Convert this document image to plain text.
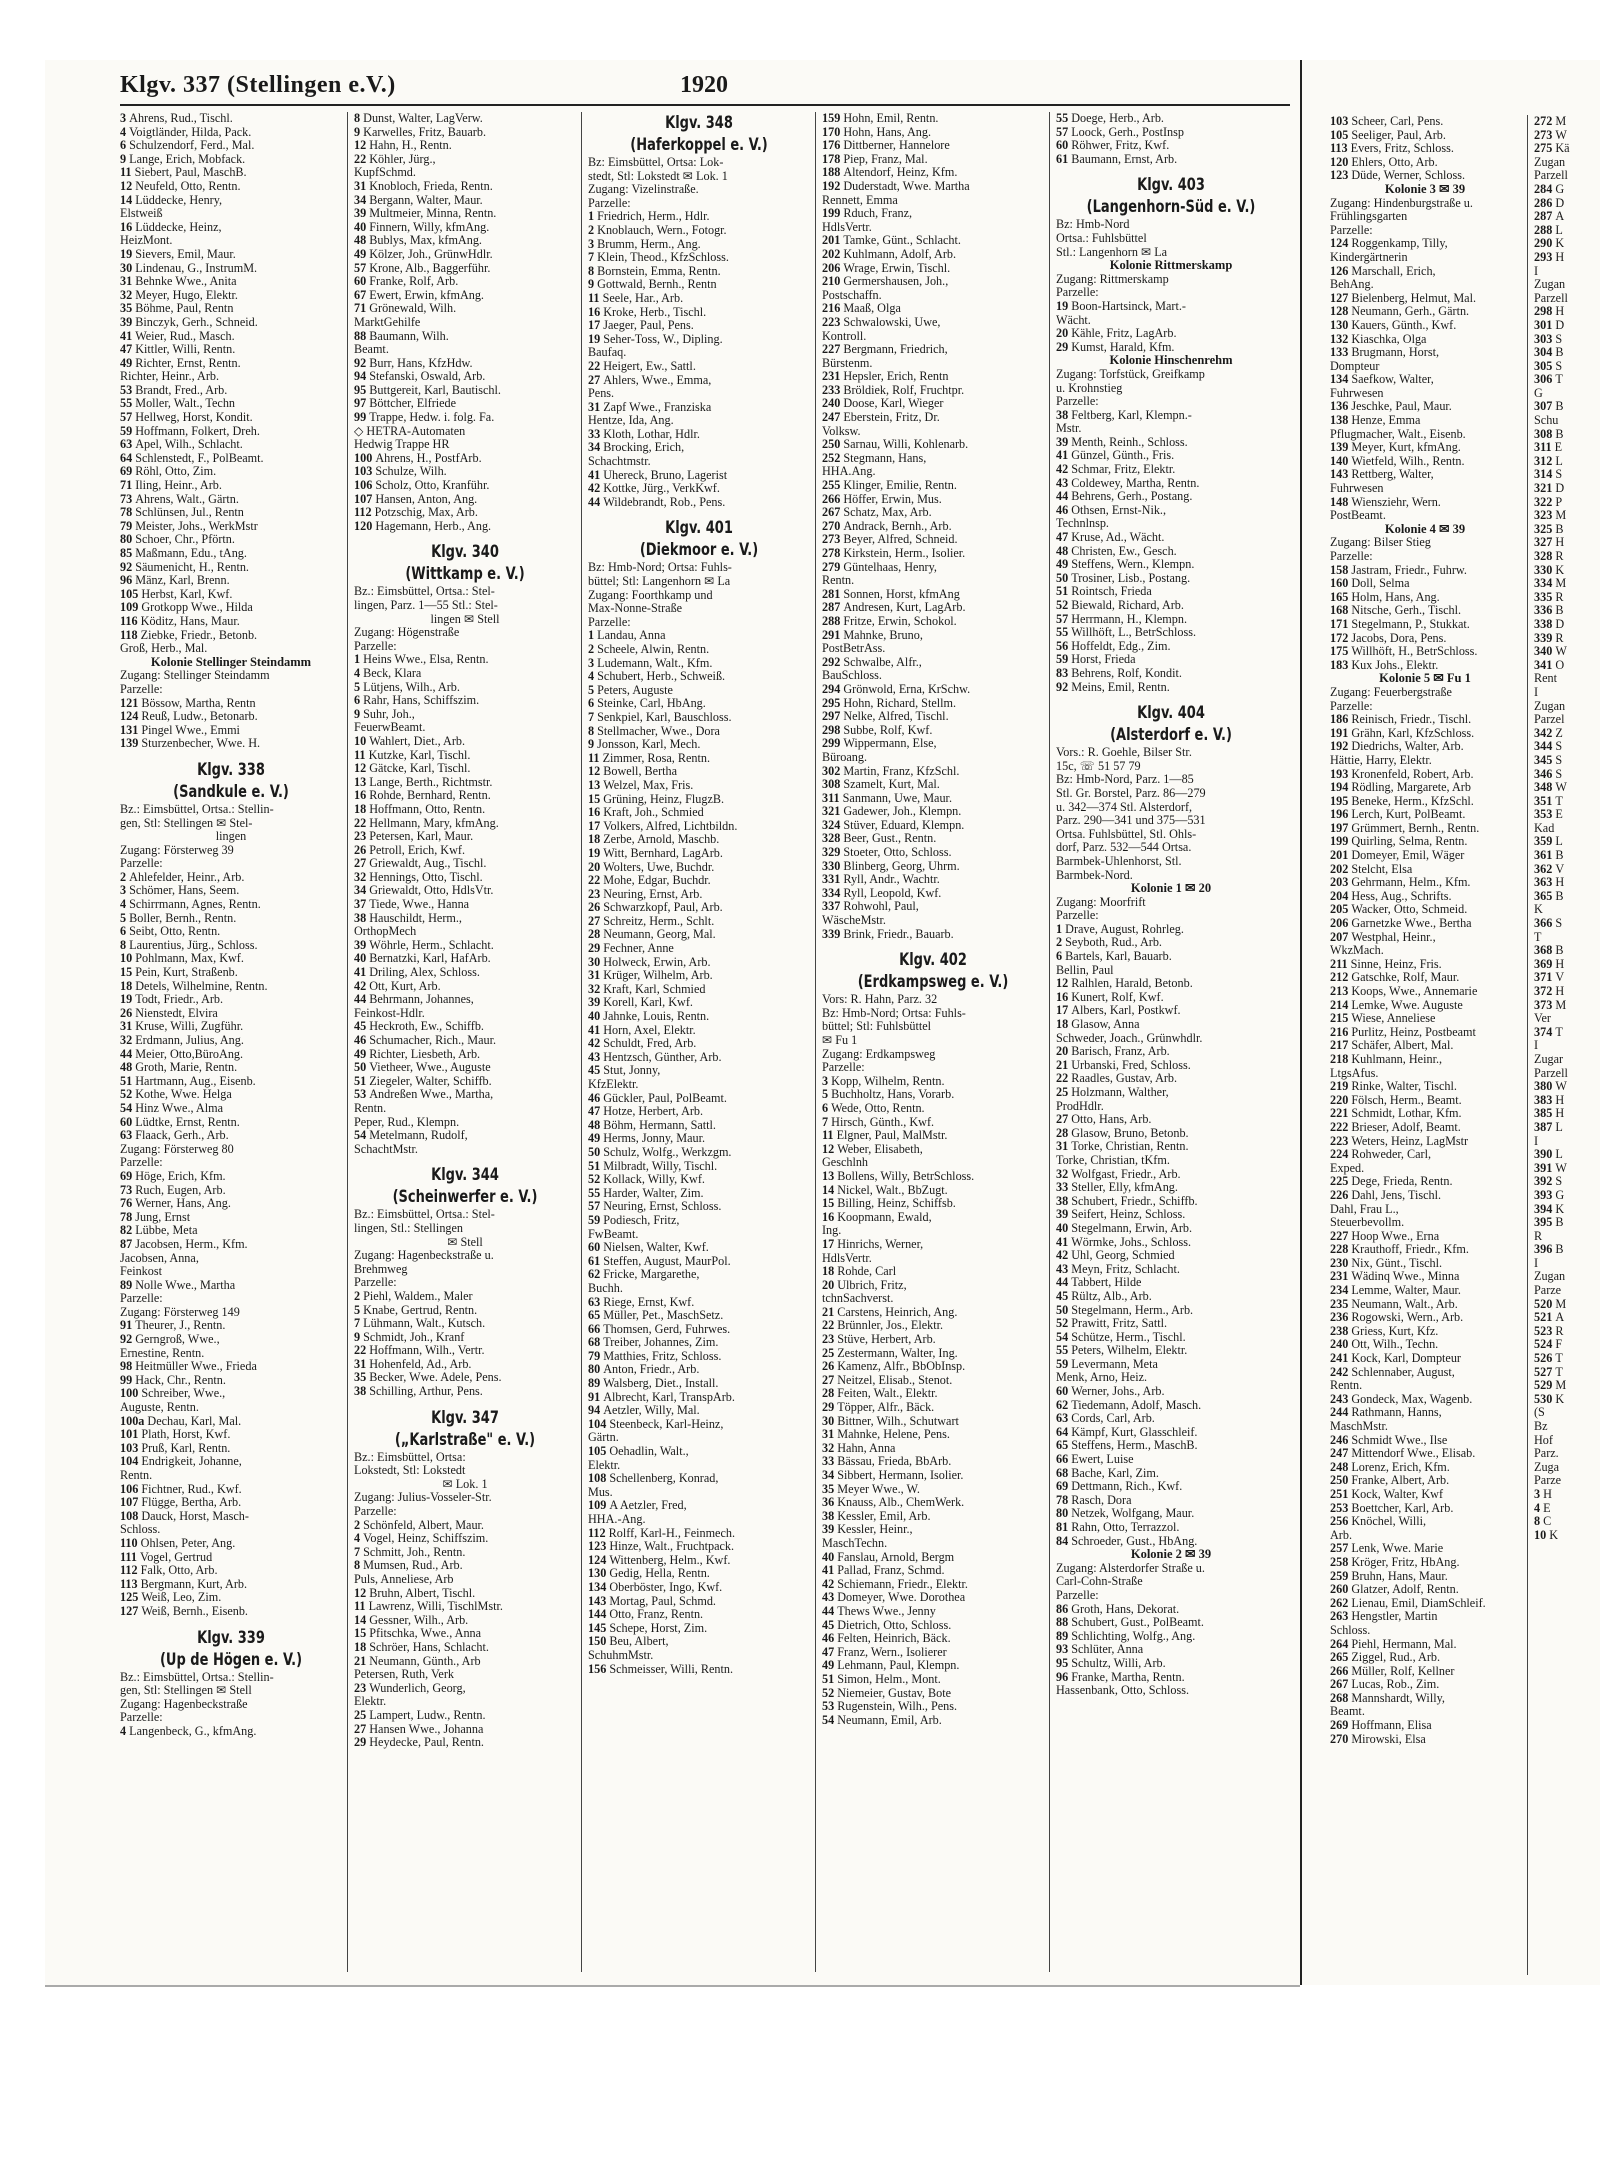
Klgv. 337 (Stellingen e.V.)	1920
3 Ahrens, Rud., Tischl.
4 Voigtländer, Hilda, Pack.
6 Schulzendorf, Ferd., Mal.
9 Lange, Erich, Mobfack.
11 Siebert, Paul, MaschB.
12 Neufeld, Otto, Rentn.
14 Lüddecke, Henry,
Elstweiß
16 Lüddecke, Heinz,
HeizMont.
19 Sievers, Emil, Maur.
30 Lindenau, G., InstrumM.
31 Behnke Wwe., Anita
32 Meyer, Hugo, Elektr.
35 Böhme, Paul, Rentn
39 Binczyk, Gerh., Schneid.
41 Weier, Rud., Masch.
47 Kittler, Willi, Rentn.
49 Richter, Ernst, Rentn.
Richter, Heinr., Arb.
53 Brandt, Fred., Arb.
55 Moller, Walt., Techn
57 Hellweg, Horst, Kondit.
59 Hoffmann, Folkert, Dreh.
63 Apel, Wilh., Schlacht.
64 Schlenstedt, F., PolBeamt.
69 Röhl, Otto, Zim.
71 Iling, Heinr., Arb.
73 Ahrens, Walt., Gärtn.
78 Schlünsen, Jul., Rentn
79 Meister, Johs., WerkMstr
80 Schoer, Chr., Pförtn.
85 Maßmann, Edu., tAng.
92 Säumenicht, H., Rentn.
96 Mänz, Karl, Brenn.
105 Herbst, Karl, Kwf.
109 Grotkopp Wwe., Hilda
116 Köditz, Hans, Maur.
118 Ziebke, Friedr., Betonb.
Groß, Herb., Mal.
Kolonie Stellinger Steindamm
Zugang: Stellinger Steindamm
Parzelle:
121 Bössow, Martha, Rentn
124 Reuß, Ludw., Betonarb.
131 Pingel Wwe., Emmi
139 Sturzenbecher, Wwe. H.
Klgv. 338
(Sandkule e. V.)
Bz.: Eimsbüttel, Ortsa.: Stellin-
gen, Stl: Stellingen ✉ Stel-
lingen
Zugang: Försterweg 39
Parzelle:
2 Ahlefelder, Heinr., Arb.
3 Schömer, Hans, Seem.
4 Schirrmann, Agnes, Rentn.
5 Boller, Bernh., Rentn.
6 Seibt, Otto, Rentn.
8 Laurentius, Jürg., Schloss.
10 Pohlmann, Max, Kwf.
15 Pein, Kurt, Straßenb.
18 Detels, Wilhelmine, Rentn.
19 Todt, Friedr., Arb.
26 Nienstedt, Elvira
31 Kruse, Willi, Zugführ.
32 Erdmann, Julius, Ang.
44 Meier, Otto,BüroAng.
48 Groth, Marie, Rentn.
51 Hartmann, Aug., Eisenb.
52 Kothe, Wwe. Helga
54 Hinz Wwe., Alma
60 Lüdtke, Ernst, Rentn.
63 Flaack, Gerh., Arb.
Zugang: Försterweg 80
Parzelle:
69 Höge, Erich, Kfm.
73 Ruch, Eugen, Arb.
76 Werner, Hans, Ang.
78 Jung, Ernst
82 Lübbe, Meta
87 Jacobsen, Herm., Kfm.
Jacobsen, Anna,
Feinkost
89 Nolle Wwe., Martha
Parzelle:
Zugang: Försterweg 149
91 Theurer, J., Rentn.
92 Gerngroß, Wwe.,
Ernestine, Rentn.
98 Heitmüller Wwe., Frieda
99 Hack, Chr., Rentn.
100 Schreiber, Wwe.,
Auguste, Rentn.
100a Dechau, Karl, Mal.
101 Plath, Horst, Kwf.
103 Pruß, Karl, Rentn.
104 Endrigkeit, Johanne,
Rentn.
106 Fichtner, Rud., Kwf.
107 Flügge, Bertha, Arb.
108 Dauck, Horst, Masch-
Schloss.
110 Ohlsen, Peter, Ang.
111 Vogel, Gertrud
112 Falk, Otto, Arb.
113 Bergmann, Kurt, Arb.
125 Weiß, Leo, Zim.
127 Weiß, Bernh., Eisenb.
Klgv. 339
(Up de Högen e. V.)
Bz.: Eimsbüttel, Ortsa.: Stellin-
gen, Stl: Stellingen ✉ Stell
Zugang: Hagenbeckstraße
Parzelle:
4 Langenbeck, G., kfmAng.
8 Dunst, Walter, LagVerw.
9 Karwelles, Fritz, Bauarb.
12 Hahn, H., Rentn.
22 Köhler, Jürg.,
KupfSchmd.
31 Knobloch, Frieda, Rentn.
34 Bergann, Walter, Maur.
39 Multmeier, Minna, Rentn.
40 Finnern, Willy, kfmAng.
48 Bublys, Max, kfmAng.
49 Kölzer, Joh., GrünwHdlr.
57 Krone, Alb., Baggerführ.
60 Franke, Rolf, Arb.
67 Ewert, Erwin, kfmAng.
71 Grönewald, Wilh.
MarktGehilfe
88 Baumann, Wilh.
Beamt.
92 Burr, Hans, KfzHdw.
94 Stefanski, Oswald, Arb.
95 Buttgereit, Karl, Bautischl.
97 Böttcher, Elfriede
99 Trappe, Hedw. i. folg. Fa.
◇ HETRA-Automaten
Hedwig Trappe HR
100 Ahrens, H., PostfArb.
103 Schulze, Wilh.
106 Scholz, Otto, Kranführ.
107 Hansen, Anton, Ang.
112 Potzschig, Max, Arb.
120 Hagemann, Herb., Ang.
Klgv. 340
(Wittkamp e. V.)
Bz.: Eimsbüttel, Ortsa.: Stel-
lingen, Parz. 1—55 Stl.: Stel-
lingen ✉ Stell
Zugang: Högenstraße
Parzelle:
1 Heins Wwe., Elsa, Rentn.
4 Beck, Klara
5 Lütjens, Wilh., Arb.
6 Rahr, Hans, Schiffszim.
9 Suhr, Joh.,
FeuerwBeamt.
10 Wahlert, Diet., Arb.
11 Kutzke, Karl, Tischl.
12 Gätcke, Karl, Tischl.
13 Lange, Berth., Richtmstr.
16 Rohde, Bernhard, Rentn.
18 Hoffmann, Otto, Rentn.
22 Hellmann, Mary, kfmAng.
23 Petersen, Karl, Maur.
26 Petroll, Erich, Kwf.
27 Griewaldt, Aug., Tischl.
32 Hennings, Otto, Tischl.
34 Griewaldt, Otto, HdlsVtr.
37 Tiede, Wwe., Hanna
38 Hauschildt, Herm.,
OrthopMech
39 Wöhrle, Herm., Schlacht.
40 Bernatzki, Karl, HafArb.
41 Driling, Alex, Schloss.
42 Ott, Kurt, Arb.
44 Behrmann, Johannes,
Feinkost-Hdlr.
45 Heckroth, Ew., Schiffb.
46 Schumacher, Rich., Maur.
49 Richter, Liesbeth, Arb.
50 Vietheer, Wwe., Auguste
51 Ziegeler, Walter, Schiffb.
53 Andreßen Wwe., Martha,
Rentn.
Peper, Rud., Klempn.
54 Metelmann, Rudolf,
SchachtMstr.
Klgv. 344
(Scheinwerfer e. V.)
Bz.: Eimsbüttel, Ortsa.: Stel-
lingen, Stl.: Stellingen
✉ Stell
Zugang: Hagenbeckstraße u.
Brehmweg
Parzelle:
2 Piehl, Waldem., Maler
5 Knabe, Gertrud, Rentn.
7 Lühmann, Walt., Kutsch.
9 Schmidt, Joh., Kranf
22 Hoffmann, Wilh., Vertr.
31 Hohenfeld, Ad., Arb.
35 Becker, Wwe. Adele, Pens.
38 Schilling, Arthur, Pens.
Klgv. 347
(„Karlstraße" e. V.)
Bz.: Eimsbüttel, Ortsa:
Lokstedt, Stl: Lokstedt
✉ Lok. 1
Zugang: Julius-Vosseler-Str.
Parzelle:
2 Schönfeld, Albert, Maur.
4 Vogel, Heinz, Schiffszim.
7 Schmitt, Joh., Rentn.
8 Mumsen, Rud., Arb.
Puls, Anneliese, Arb
12 Bruhn, Albert, Tischl.
11 Lawrenz, Willi, TischlMstr.
14 Gessner, Wilh., Arb.
15 Pfitschka, Wwe., Anna
18 Schröer, Hans, Schlacht.
21 Neumann, Günth., Arb
Petersen, Ruth, Verk
23 Wunderlich, Georg,
Elektr.
25 Lampert, Ludw., Rentn.
27 Hansen Wwe., Johanna
29 Heydecke, Paul, Rentn.
Klgv. 348
(Haferkoppel e. V.)
Bz: Eimsbüttel, Ortsa: Lok-
stedt, Stl: Lokstedt ✉ Lok. 1
Zugang: Vizelinstraße.
Parzelle:
1 Friedrich, Herm., Hdlr.
2 Knoblauch, Wern., Fotogr.
3 Brumm, Herm., Ang.
7 Klein, Theod., KfzSchloss.
8 Bornstein, Emma, Rentn.
9 Gottwald, Bernh., Rentn
11 Seele, Har., Arb.
16 Kroke, Herb., Tischl.
17 Jaeger, Paul, Pens.
19 Seher-Toss, W., Dipling.
Baufaq.
22 Heigert, Ew., Sattl.
27 Ahlers, Wwe., Emma,
Pens.
31 Zapf Wwe., Franziska
Hentze, Ida, Ang.
33 Kloth, Lothar, Hdlr.
34 Brocking, Erich,
Schachtmstr.
41 Uhereck, Bruno, Lagerist
42 Kottke, Jürg., VerkKwf.
44 Wildebrandt, Rob., Pens.
Klgv. 401
(Diekmoor e. V.)
Bz: Hmb-Nord; Ortsa: Fuhls-
büttel; Stl: Langenhorn ✉ La
Zugang: Foorthkamp und
Max-Nonne-Straße
Parzelle:
1 Landau, Anna
2 Scheele, Alwin, Rentn.
3 Ludemann, Walt., Kfm.
4 Schubert, Herb., Schweiß.
5 Peters, Auguste
6 Steinke, Carl, HbAng.
7 Senkpiel, Karl, Bauschloss.
8 Stellmacher, Wwe., Dora
9 Jonsson, Karl, Mech.
11 Zimmer, Rosa, Rentn.
12 Bowell, Bertha
13 Welzel, Max, Fris.
15 Grüning, Heinz, FlugzB.
16 Kraft, Joh., Schmied
17 Volkers, Alfred, Lichtbildn.
18 Zerbe, Arnold, Maschb.
19 Witt, Bernhard, LagArb.
20 Wolters, Uwe, Buchdr.
22 Mohe, Edgar, Buchdr.
23 Neuring, Ernst, Arb.
26 Schwarzkopf, Paul, Arb.
27 Schreitz, Herm., Schlt.
28 Neumann, Georg, Mal.
29 Fechner, Anne
30 Holweck, Erwin, Arb.
31 Krüger, Wilhelm, Arb.
32 Kraft, Karl, Schmied
39 Korell, Karl, Kwf.
40 Jahnke, Louis, Rentn.
41 Horn, Axel, Elektr.
42 Schuldt, Fred, Arb.
43 Hentzsch, Günther, Arb.
45 Stut, Jonny,
KfzElektr.
46 Gückler, Paul, PolBeamt.
47 Hotze, Herbert, Arb.
48 Böhm, Hermann, Sattl.
49 Herms, Jonny, Maur.
50 Schulz, Wolfg., Werkzgm.
51 Milbradt, Willy, Tischl.
52 Kollack, Willy, Kwf.
55 Harder, Walter, Zim.
57 Neuring, Ernst, Schloss.
59 Podiesch, Fritz,
FwBeamt.
60 Nielsen, Walter, Kwf.
61 Steffen, August, MaurPol.
62 Fricke, Margarethe,
Buchh.
63 Riege, Ernst, Kwf.
65 Müller, Pet., MaschSetz.
66 Thomsen, Gerd, Fuhrwes.
68 Treiber, Johannes, Zim.
79 Matthies, Fritz, Schloss.
80 Anton, Friedr., Arb.
89 Walsberg, Diet., Install.
91 Albrecht, Karl, TranspArb.
94 Aetzler, Willy, Mal.
104 Steenbeck, Karl-Heinz,
Gärtn.
105 Oehadlin, Walt.,
Elektr.
108 Schellenberg, Konrad,
Mus.
109 A Aetzler, Fred,
HHA.-Ang.
112 Rolff, Karl-H., Feinmech.
123 Hinze, Walt., Fruchtpack.
124 Wittenberg, Helm., Kwf.
130 Gedig, Hella, Rentn.
134 Oberböster, Ingo, Kwf.
143 Mortag, Paul, Schmd.
144 Otto, Franz, Rentn.
145 Schepe, Horst, Zim.
150 Beu, Albert,
SchuhmMstr.
156 Schmeisser, Willi, Rentn.
159 Hohn, Emil, Rentn.
170 Hohn, Hans, Ang.
176 Dittberner, Hannelore
178 Piep, Franz, Mal.
188 Altendorf, Heinz, Kfm.
192 Duderstadt, Wwe. Martha
Rennett, Emma
199 Rduch, Franz,
HdlsVertr.
201 Tamke, Günt., Schlacht.
202 Kuhlmann, Adolf, Arb.
206 Wrage, Erwin, Tischl.
210 Germershausen, Joh.,
Postschaffn.
216 Maaß, Olga
223 Schwalowski, Uwe,
Kontroll.
227 Bergmann, Friedrich,
Bürstenm.
231 Hepsler, Erich, Rentn
233 Bröldiek, Rolf, Fruchtpr.
240 Doose, Karl, Wieger
247 Eberstein, Fritz, Dr.
Volksw.
250 Sarnau, Willi, Kohlenarb.
252 Stegmann, Hans,
HHA.Ang.
255 Klinger, Emilie, Rentn.
266 Höffer, Erwin, Mus.
267 Schatz, Max, Arb.
270 Andrack, Bernh., Arb.
273 Beyer, Alfred, Schneid.
278 Kirkstein, Herm., Isolier.
279 Güntelhaas, Henry,
Rentn.
281 Sonnen, Horst, kfmAng
287 Andresen, Kurt, LagArb.
288 Fritze, Erwin, Schokol.
291 Mahnke, Bruno,
PostBetrAss.
292 Schwalbe, Alfr.,
BauSchloss.
294 Grönwold, Erna, KrSchw.
295 Hohn, Richard, Stellm.
297 Nelke, Alfred, Tischl.
298 Subbe, Rolf, Kwf.
299 Wippermann, Else,
Büroang.
302 Martin, Franz, KfzSchl.
308 Szamelt, Kurt, Mal.
311 Sanmann, Uwe, Maur.
321 Gadewer, Joh., Klempn.
324 Stüver, Eduard, Klempn.
328 Beer, Gust., Rentn.
329 Stoeter, Otto, Schloss.
330 Blinberg, Georg, Uhrm.
331 Ryll, Andr., Wachtr.
334 Ryll, Leopold, Kwf.
337 Rohwohl, Paul,
WäscheMstr.
339 Brink, Friedr., Bauarb.
Klgv. 402
(Erdkampsweg e. V.)
Vors: R. Hahn, Parz. 32
Bz: Hmb-Nord; Ortsa: Fuhls-
büttel; Stl: Fuhlsbüttel
✉ Fu 1
Zugang: Erdkampsweg
Parzelle:
3 Kopp, Wilhelm, Rentn.
5 Buchholtz, Hans, Vorarb.
6 Wede, Otto, Rentn.
7 Hirsch, Günth., Kwf.
11 Elgner, Paul, MalMstr.
12 Weber, Elisabeth,
Geschlnh
13 Bollens, Willy, BetrSchloss.
14 Nickel, Walt., BbZugt.
15 Billing, Heinz, Schiffsb.
16 Koopmann, Ewald,
Ing.
17 Hinrichs, Werner,
HdlsVertr.
18 Rohde, Carl
20 Ulbrich, Fritz,
tchnSachverst.
21 Carstens, Heinrich, Ang.
22 Brünnler, Jos., Elektr.
23 Stüve, Herbert, Arb.
25 Zestermann, Walter, Ing.
26 Kamenz, Alfr., BbObInsp.
27 Neitzel, Elisab., Stenot.
28 Feiten, Walt., Elektr.
29 Töpper, Alfr., Bäck.
30 Bittner, Wilh., Schutwart
31 Mahnke, Helene, Pens.
32 Hahn, Anna
33 Bässau, Frieda, BbArb.
34 Sibbert, Hermann, Isolier.
35 Meyer Wwe., W.
36 Knauss, Alb., ChemWerk.
38 Kessler, Emil, Arb.
39 Kessler, Heinr.,
MaschTechn.
40 Fanslau, Arnold, Bergm
41 Pallad, Franz, Schmd.
42 Schiemann, Friedr., Elektr.
43 Domeyer, Wwe. Dorothea
44 Thews Wwe., Jenny
45 Dietrich, Otto, Schloss.
46 Felten, Heinrich, Bäck.
47 Franz, Wern., Isolierer
49 Lehmann, Paul, Klempn.
51 Simon, Helm., Mont.
52 Niemeier, Gustav, Bote
53 Rugenstein, Wilh., Pens.
54 Neumann, Emil, Arb.
55 Doege, Herb., Arb.
57 Loock, Gerh., PostInsp
60 Röhwer, Fritz, Kwf.
61 Baumann, Ernst, Arb.
Klgv. 403
(Langenhorn-Süd e. V.)
Bz: Hmb-Nord
Ortsa.: Fuhlsbüttel
Stl.: Langenhorn ✉ La
Kolonie Rittmerskamp
Zugang: Rittmerskamp
Parzelle:
19 Boon-Hartsinck, Mart.-
Wächt.
20 Kähle, Fritz, LagArb.
29 Kumst, Harald, Kfm.
Kolonie Hinschenrehm
Zugang: Torfstück, Greifkamp
u. Krohnstieg
Parzelle:
38 Feltberg, Karl, Klempn.-
Mstr.
39 Menth, Reinh., Schloss.
41 Günzel, Günth., Fris.
42 Schmar, Fritz, Elektr.
43 Coldewey, Martha, Rentn.
44 Behrens, Gerh., Postang.
46 Othsen, Ernst-Nik.,
Technlnsp.
47 Kruse, Ad., Wächt.
48 Christen, Ew., Gesch.
49 Steffens, Wern., Klempn.
50 Trosiner, Lisb., Postang.
51 Rointsch, Frieda
52 Biewald, Richard, Arb.
57 Herrmann, H., Klempn.
55 Willhöft, L., BetrSchloss.
56 Hoffeldt, Edg., Zim.
59 Horst, Frieda
83 Behrens, Rolf, Kondit.
92 Meins, Emil, Rentn.
Klgv. 404
(Alsterdorf e. V.)
Vors.: R. Goehle, Bilser Str.
15c, ☏ 51 57 79
Bz: Hmb-Nord, Parz. 1—85
Stl. Gr. Borstel, Parz. 86—279
u. 342—374 Stl. Alsterdorf,
Parz. 290—341 und 375—531
Ortsa. Fuhlsbüttel, Stl. Ohls-
dorf, Parz. 532—544 Ortsa.
Barmbek-Uhlenhorst, Stl.
Barmbek-Nord.
Kolonie 1 ✉ 20
Zugang: Moorfrift
Parzelle:
1 Drave, August, Rohrleg.
2 Seyboth, Rud., Arb.
6 Bartels, Karl, Bauarb.
Bellin, Paul
12 Ralhlen, Harald, Betonb.
16 Kunert, Rolf, Kwf.
17 Albers, Karl, Postkwf.
18 Glasow, Anna
Schweder, Joach., Grünwhdlr.
20 Barisch, Franz, Arb.
21 Urbanski, Fred, Schloss.
22 Raadles, Gustav, Arb.
25 Holzmann, Walther,
ProdHdlr.
27 Otto, Hans, Arb.
28 Glasow, Bruno, Betonb.
31 Torke, Christian, Rentn.
Torke, Christian, tKfm.
32 Wolfgast, Friedr., Arb.
33 Steller, Elly, kfmAng.
38 Schubert, Friedr., Schiffb.
39 Seifert, Heinz, Schloss.
40 Stegelmann, Erwin, Arb.
41 Wörmke, Johs., Schloss.
42 Uhl, Georg, Schmied
43 Meyn, Fritz, Schlacht.
44 Tabbert, Hilde
45 Rültz, Alb., Arb.
50 Stegelmann, Herm., Arb.
52 Prawitt, Fritz, Sattl.
54 Schütze, Herm., Tischl.
55 Peters, Wilhelm, Elektr.
59 Levermann, Meta
Menk, Arno, Heiz.
60 Werner, Johs., Arb.
62 Tiedemann, Adolf, Masch.
63 Cords, Carl, Arb.
64 Kämpf, Kurt, Glasschleif.
65 Steffens, Herm., MaschB.
66 Ewert, Luise
68 Bache, Karl, Zim.
69 Dettmann, Rich., Kwf.
78 Rasch, Dora
80 Netzek, Wolfgang, Maur.
81 Rahn, Otto, Terrazzol.
84 Schroeder, Gust., HbAng.
Kolonie 2 ✉ 39
Zugang: Alsterdorfer Straße u.
Carl-Cohn-Straße
Parzelle:
86 Groth, Hans, Dekorat.
88 Schubert, Gust., PolBeamt.
89 Schlichting, Wolfg., Ang.
93 Schlüter, Anna
95 Schultz, Willi, Arb.
96 Franke, Martha, Rentn.
Hassenbank, Otto, Schloss.
103 Scheer, Carl, Pens.
105 Seeliger, Paul, Arb.
113 Evers, Fritz, Schloss.
120 Ehlers, Otto, Arb.
123 Düde, Werner, Schloss.
Kolonie 3 ✉ 39
Zugang: Hindenburgstraße u.
Frühlingsgarten
Parzelle:
124 Roggenkamp, Tilly,
Kindergärtnerin
126 Marschall, Erich,
BehAng.
127 Bielenberg, Helmut, Mal.
128 Neumann, Gerh., Gärtn.
130 Kauers, Günth., Kwf.
132 Kiaschka, Olga
133 Brugmann, Horst,
Dompteur
134 Saefkow, Walter,
Fuhrwesen
136 Jeschke, Paul, Maur.
138 Henze, Emma
Pflugmacher, Walt., Eisenb.
139 Meyer, Kurt, kfmAng.
140 Wietfeld, Wilh., Rentn.
143 Rettberg, Walter,
Fuhrwesen
148 Wiensziehr, Wern.
PostBeamt.
Kolonie 4 ✉ 39
Zugang: Bilser Stieg
Parzelle:
158 Jastram, Friedr., Fuhrw.
160 Doll, Selma
165 Holm, Hans, Ang.
168 Nitsche, Gerh., Tischl.
171 Stegelmann, P., Stukkat.
172 Jacobs, Dora, Pens.
175 Willhöft, H., BetrSchloss.
183 Kux Johs., Elektr.
Kolonie 5 ✉ Fu 1
Zugang: Feuerbergstraße
Parzelle:
186 Reinisch, Friedr., Tischl.
191 Grähn, Karl, KfzSchloss.
192 Diedrichs, Walter, Arb.
Hättie, Harry, Elektr.
193 Kronenfeld, Robert, Arb.
194 Rödling, Margarete, Arb
195 Beneke, Herm., KfzSchl.
196 Lerch, Kurt, PolBeamt.
197 Grümmert, Bernh., Rentn.
199 Quirling, Selma, Rentn.
201 Domeyer, Emil, Wäger
202 Stelcht, Elsa
203 Gehrmann, Helm., Kfm.
204 Hess, Aug., Schrifts.
205 Wacker, Otto, Schmeid.
206 Garnetzke Wwe., Bertha
207 Westphal, Heinr.,
WkzMach.
211 Sinne, Heinz, Fris.
212 Gatschke, Rolf, Maur.
213 Koops, Wwe., Annemarie
214 Lemke, Wwe. Auguste
215 Wiese, Anneliese
216 Purlitz, Heinz, Postbeamt
217 Schäfer, Albert, Mal.
218 Kuhlmann, Heinr.,
LtgsAfus.
219 Rinke, Walter, Tischl.
220 Fölsch, Herm., Beamt.
221 Schmidt, Lothar, Kfm.
222 Brieser, Adolf, Beamt.
223 Weters, Heinz, LagMstr
224 Rohweder, Carl,
Exped.
225 Dege, Frieda, Rentn.
226 Dahl, Jens, Tischl.
Dahl, Frau L.,
Steuerbevollm.
227 Hoop Wwe., Erna
228 Krauthoff, Friedr., Kfm.
230 Nix, Günt., Tischl.
231 Wädinq Wwe., Minna
234 Lemme, Walter, Maur.
235 Neumann, Walt., Arb.
236 Rogowski, Wern., Arb.
238 Griess, Kurt, Kfz.
240 Ott, Wilh., Techn.
241 Kock, Karl, Dompteur
242 Schlennaber, August,
Rentn.
243 Gondeck, Max, Wagenb.
244 Rathmann, Hanns,
MaschMstr.
246 Schmidt Wwe., Ilse
247 Mittendorf Wwe., Elisab.
248 Lorenz, Erich, Kfm.
250 Franke, Albert, Arb.
251 Kock, Walter, Kwf
253 Boettcher, Karl, Arb.
256 Knöchel, Willi,
Arb.
257 Lenk, Wwe. Marie
258 Kröger, Fritz, HbAng.
259 Bruhn, Hans, Maur.
260 Glatzer, Adolf, Rentn.
262 Lienau, Emil, DiamSchleif.
263 Hengstler, Martin
Schloss.
264 Piehl, Hermann, Mal.
265 Ziggel, Rud., Arb.
266 Müller, Rolf, Kellner
267 Lucas, Rob., Zim.
268 Mannshardt, Willy,
Beamt.
269 Hoffmann, Elisa
270 Mirowski, Elsa
272 M
273 W
275 Kä
Zugan
Parzell
284 G
286 D
287 A
288 L
290 K
293 H
I
Zugan
Parzell
298 H
301 D
303 S
304 B
305 S
306 T
G
307 B
Schu
308 B
311 E
312 L
314 S
321 D
322 P
323 M
325 B
327 H
328 R
330 K
334 M
335 R
336 B
338 D
339 R
340 W
341 O
Rent
I
Zugan
Parzel
342 Z
344 S
345 S
346 S
348 W
351 T
353 E
Kad
359 L
361 B
362 V
363 H
365 B
K
366 S
T
368 B
369 H
371 V
372 H
373 M
Ver
374 T
I
Zugar
Parzell
380 W
383 H
385 H
387 L
I
390 L
391 W
392 S
393 G
394 K
395 B
R
396 B
I
Zugan
Parze
520 M
521 A
523 R
524 F
526 T
527 T
529 M
530 K
(S
Bz
Hof
Parz.
Zuga
Parze
3 H
4 E
8 C
10 K
